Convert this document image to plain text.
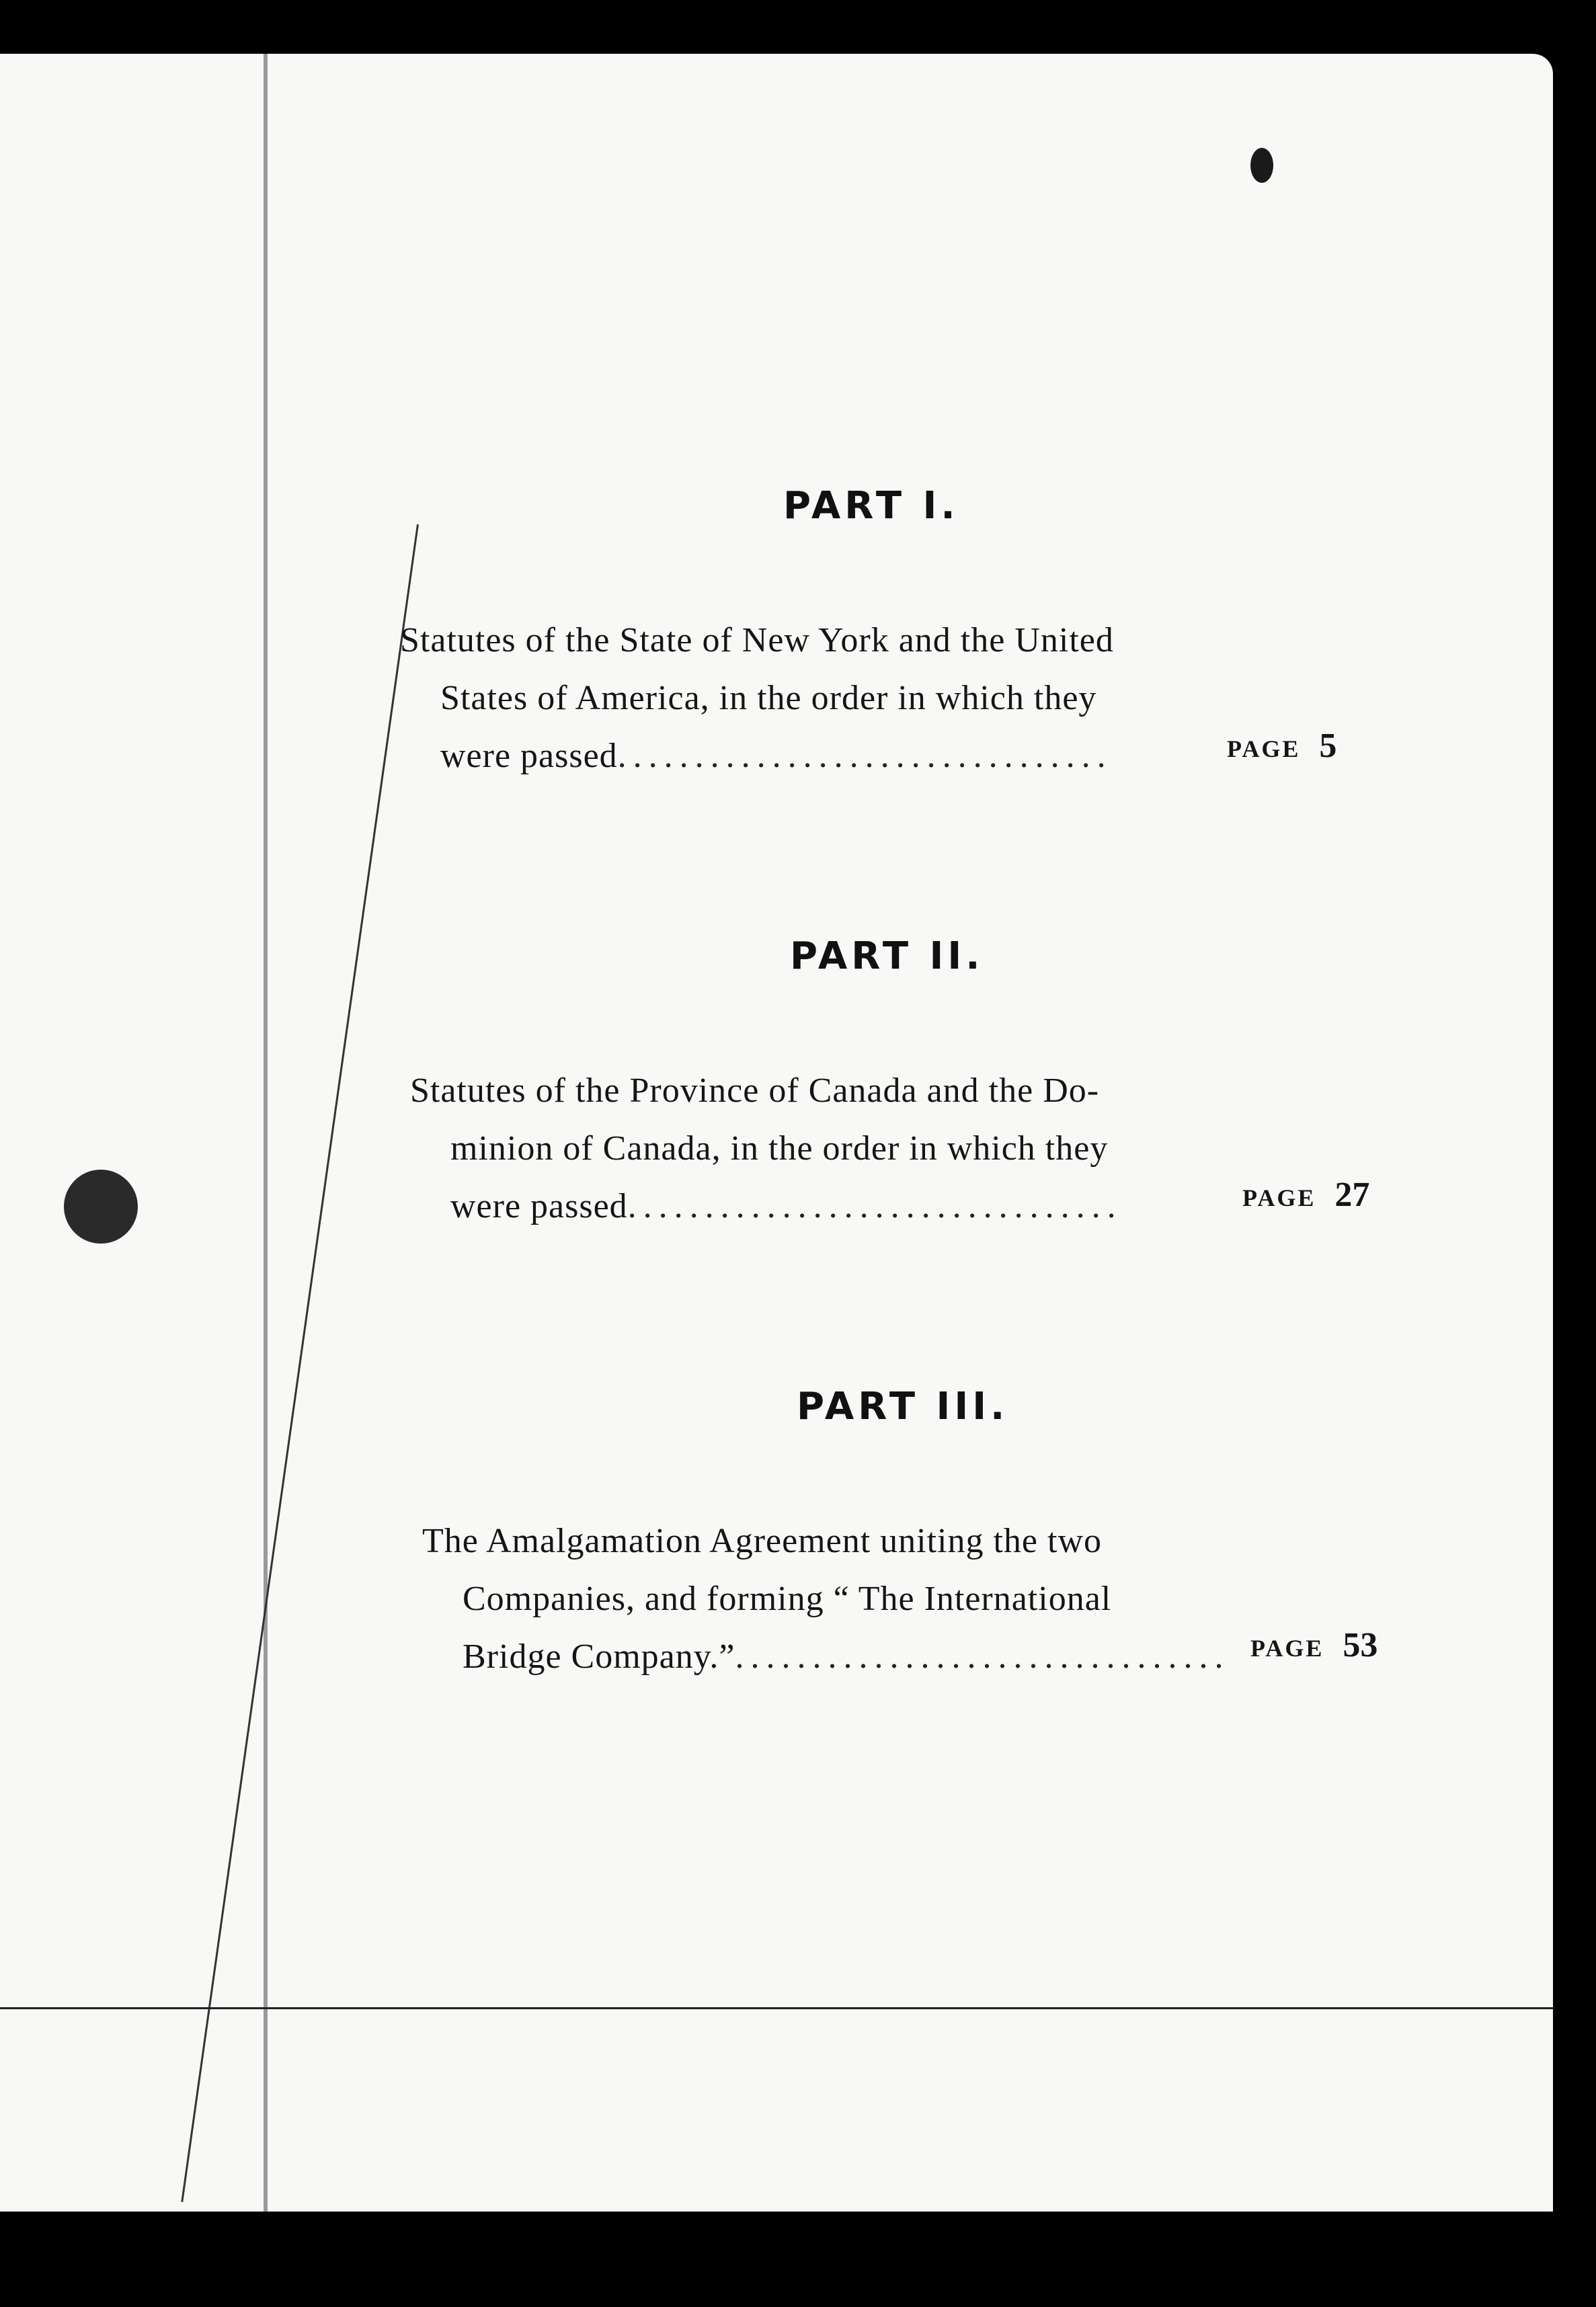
PART I.

Statutes of the State of New York and the United
States of America, in the order in which they
were passed................................	PAGE 5
PART II.

Statutes of the Province of Canada and the Do-
minion of Canada, in the order in which they
were passed................................	PAGE 27
PART III.

The Amalgamation Agreement uniting the two
Companies, and forming “ The International
Bridge Company.”................................ PAGE 53
